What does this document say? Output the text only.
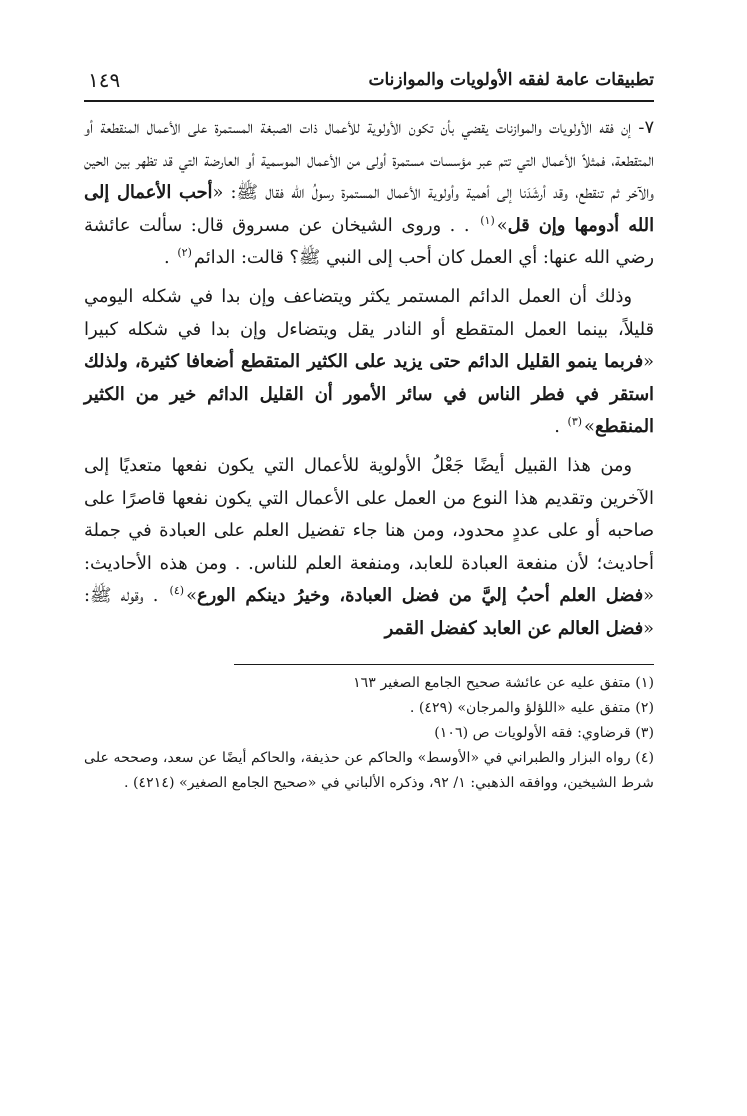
تطبيقات عامة لفقه الأولويات والموازنات
١٤٩

٧- إن فقه الأولويات والموازنات يقضي بأن تكون الأولوية للأعمال ذات الصبغة المستمرة على الأعمال المنقطعة أو المتقطعة، فمثلاً الأعمال التي تتم عبر مؤسسات مستمرة أولى من الأعمال الموسمية أو العارضة التي قد تظهر بين الحين والآخر ثم تنقطع، وقد أرشَدَنا إلى أهمية وأولوية الأعمال المستمرة رسولُ الله فقال ﷺ: «أحب الأعمال إلى الله أدومها وإن قل»$^{(١)}$ . . وروى الشيخان عن مسروق قال: سألت عائشة رضي الله عنها: أي العمل كان أحب إلى النبي ﷺ؟ قالت: الدائم$^{(٢)}$ .

وذلك أن العمل الدائم المستمر يكثر ويتضاعف وإن بدا في شكله اليومي قليلاً، بينما العمل المتقطع أو النادر يقل ويتضاءل وإن بدا في شكله كبيرا «فربما ينمو القليل الدائم حتى يزيد على الكثير المتقطع أضعافا كثيرة، ولذلك استقر في فطر الناس في سائر الأمور أن القليل الدائم خير من الكثير المنقطع»$^{(٣)}$ .

ومن هذا القبيل أيضًا جَعْلُ الأولوية للأعمال التي يكون نفعها متعديًا إلى الآخرين وتقديم هذا النوع من العمل على الأعمال التي يكون نفعها قاصرًا على صاحبه أو على عددٍ محدود، ومن هنا جاء تفضيل العلم على العبادة في جملة أحاديث؛ لأن منفعة العبادة للعابد، ومنفعة العلم للناس. . ومن هذه الأحاديث: «فضل العلم أحبُ إليَّ من فضل العبادة، وخيرُ دينكم الورع»$^{(٤)}$ . وقوله ﷺ: «فضل العالم عن العابد كفضل القمر

(١) متفق عليه عن عائشة صحيح الجامع الصغير ١٦٣

(٢) متفق عليه «اللؤلؤ والمرجان» (٤٢٩) .

(٣) قرضاوي: فقه الأولويات ص (١٠٦)

(٤) رواه البزار والطبراني في «الأوسط» والحاكم عن حذيفة، والحاكم أيضًا عن سعد، وصححه على شرط الشيخين، ووافقه الذهبي: ١/ ٩٢، وذكره الألباني في «صحيح الجامع الصغير» (٤٢١٤) .
